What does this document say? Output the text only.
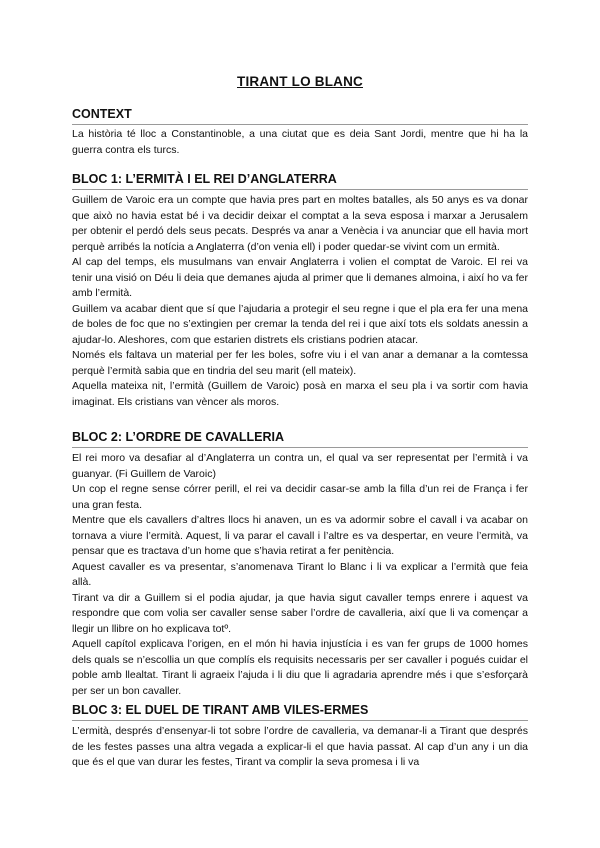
TIRANT LO BLANC
CONTEXT

La història té lloc a Constantinoble, a una ciutat que es deia Sant Jordi, mentre que hi ha la guerra contra els turcs.

BLOC 1: L’ERMITÀ I EL REI D’ANGLATERRA

Guillem de Varoic era un compte que havia pres part en moltes batalles, als 50 anys es va donar que això no havia estat bé i va decidir deixar el comptat a la seva esposa i marxar a Jerusalem per obtenir el perdó dels seus pecats. Després va anar a Venècia i va anunciar que ell havia mort perquè arribés la notícia a Anglaterra (d’on venia ell) i poder quedar-se vivint com un ermità.

Al cap del temps, els musulmans van envair Anglaterra i volien el comptat de Varoic. El rei va tenir una visió on Déu li deia que demanes ajuda al primer que li demanes almoina, i així ho va fer amb l’ermità.

Guillem va acabar dient que sí que l’ajudaria a protegir el seu regne i que el pla era fer una mena de boles de foc que no s’extingien per cremar la tenda del rei i que així tots els soldats anessin a ajudar-lo. Aleshores, com que estarien distrets els cristians podrien atacar.

Només els faltava un material per fer les boles, sofre viu i el van anar a demanar a la comtessa perquè l’ermità sabia que en tindria del seu marit (ell mateix).

Aquella mateixa nit, l’ermità (Guillem de Varoic) posà en marxa el seu pla i va sortir com havia imaginat. Els cristians van vèncer als moros.

BLOC 2: L’ORDRE DE CAVALLERIA

El rei moro va desafiar al d’Anglaterra un contra un, el qual va ser representat per l’ermità i va guanyar. (Fi Guillem de Varoic)

Un cop el regne sense córrer perill, el rei va decidir casar-se amb la filla d’un rei de França i fer una gran festa.

Mentre que els cavallers d’altres llocs hi anaven, un es va adormir sobre el cavall i va acabar on tornava a viure l’ermità. Aquest, li va parar el cavall i l’altre es va despertar, en veure l’ermità, va pensar que es tractava d’un home que s’havia retirat a fer penitència.

Aquest cavaller es va presentar, s’anomenava Tirant lo Blanc i li va explicar a l’ermità que feia allà.

Tirant va dir a Guillem si el podia ajudar, ja que havia sigut cavaller temps enrere i aquest va respondre que com volia ser cavaller sense saber l’ordre de cavalleria, així que li va començar a llegir un llibre on ho explicava totº.

Aquell capítol explicava l’origen, en el món hi havia injustícia i es van fer grups de 1000 homes dels quals se n’escollia un que complís els requisits necessaris per ser cavaller i pogués cuidar el poble amb llealtat. Tirant li agraeix l’ajuda i li diu que li agradaria aprendre més i que s’esforçarà per ser un bon cavaller.

BLOC 3: EL DUEL DE TIRANT AMB VILES-ERMES

L’ermità, després d’ensenyar-li tot sobre l’ordre de cavalleria, va demanar-li a Tirant que després de les festes passes una altra vegada a explicar-li el que havia passat. Al cap d’un any i un dia que és el que van durar les festes, Tirant va complir la seva promesa i li va
